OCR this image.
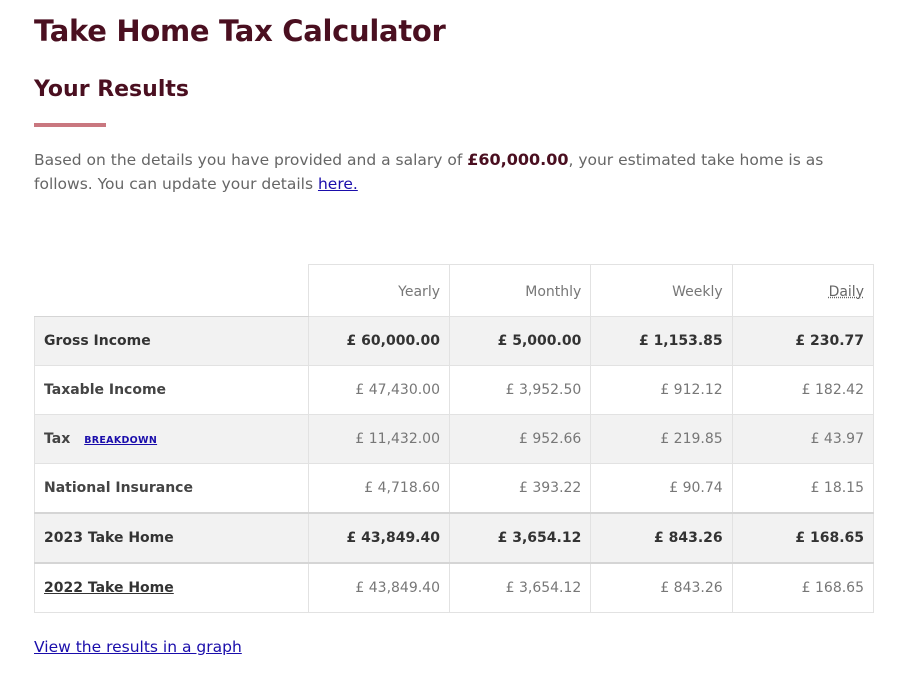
Take Home Tax Calculator
Your Results

Based on the details you have provided and a salary of £60,000.00, your estimated take home is as follows. You can update your details here.

	Yearly	Monthly	Weekly	Daily
Gross Income	£ 60,000.00	£ 5,000.00	£ 1,153.85	£ 230.77
Taxable Income	£ 47,430.00	£ 3,952.50	£ 912.12	£ 182.42
Tax BREAKDOWN	£ 11,432.00	£ 952.66	£ 219.85	£ 43.97
National Insurance	£ 4,718.60	£ 393.22	£ 90.74	£ 18.15
2023 Take Home	£ 43,849.40	£ 3,654.12	£ 843.26	£ 168.65
2022 Take Home	£ 43,849.40	£ 3,654.12	£ 843.26	£ 168.65
View the results in a graph
